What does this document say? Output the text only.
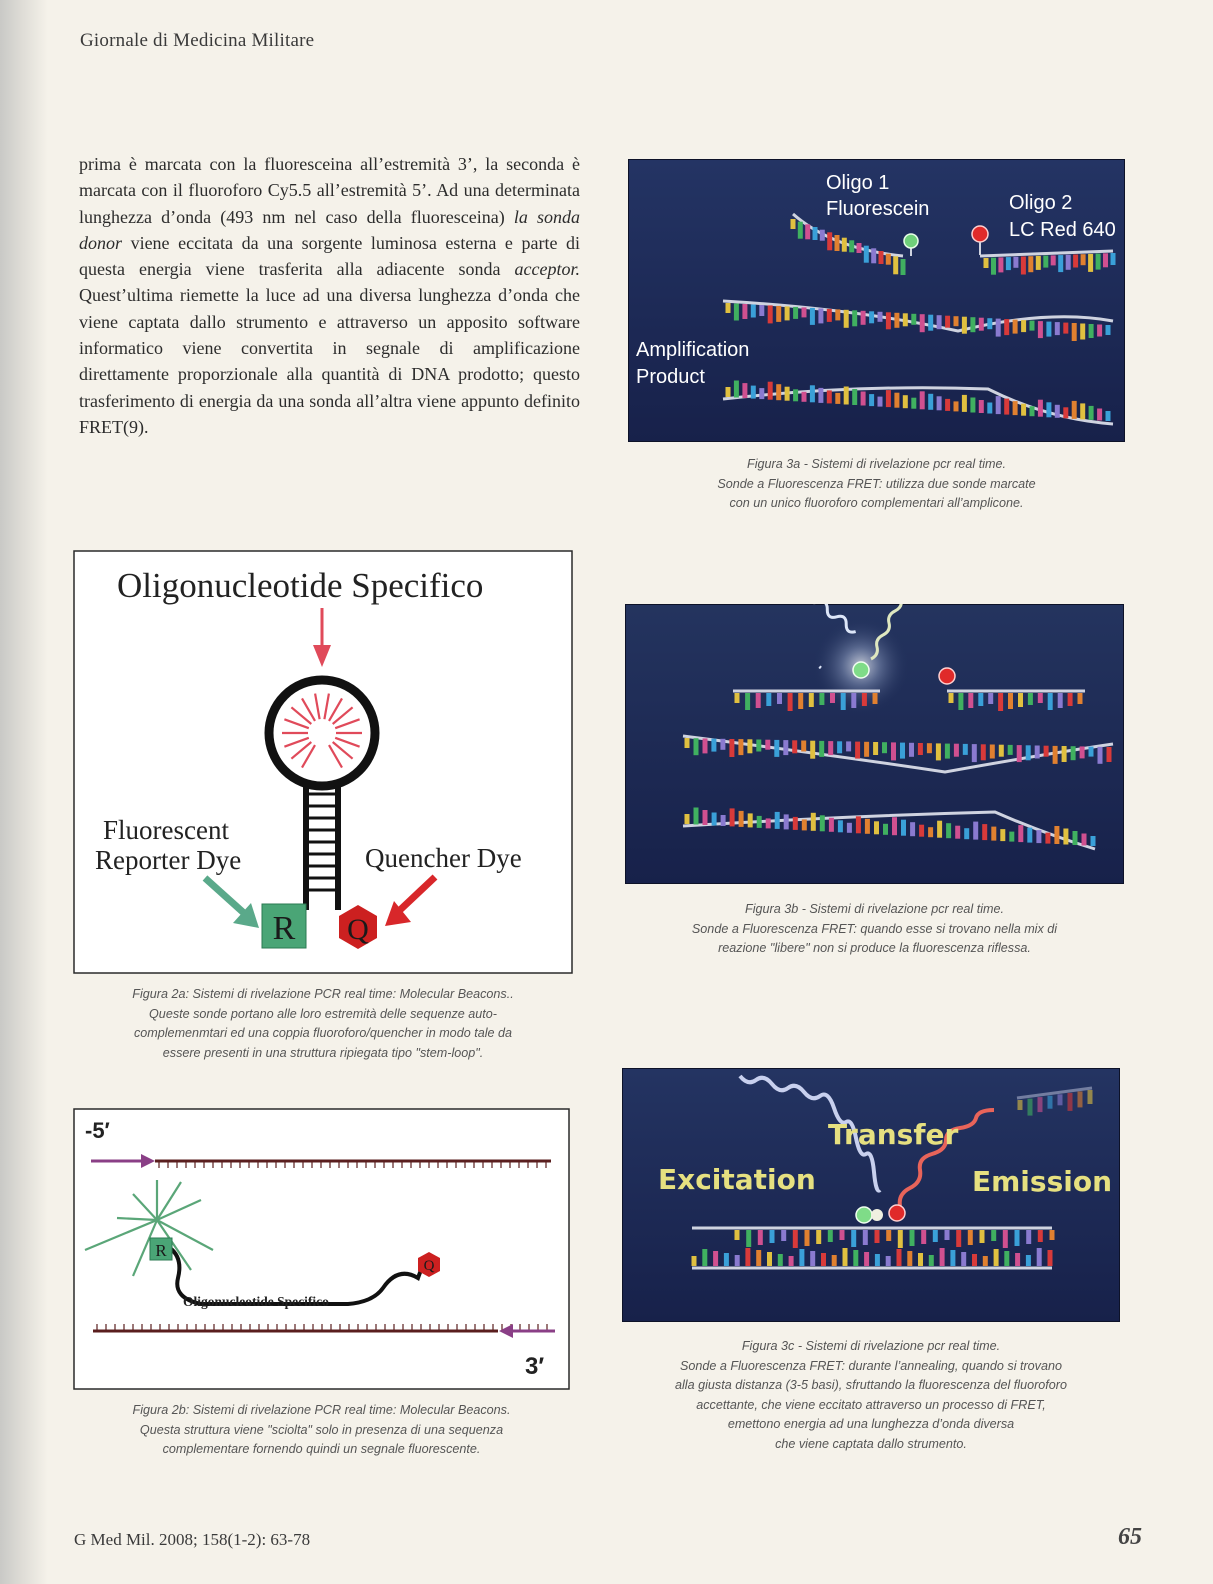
Giornale di Medicina Militare

prima è marcata con la fluoresceina all’estremità 3’, la seconda è marcata con il fluoroforo Cy5.5 all’estremità 5’. Ad una determinata lunghezza d’onda (493 nm nel caso della fluoresceina) la sonda donor viene eccitata da una sorgente luminosa esterna e parte di questa energia viene trasferita alla adiacente sonda acceptor. Quest’ultima riemette la luce ad una diversa lunghezza d’onda che viene captata dallo strumento e attraverso un apposito software informatico viene convertita in segnale di amplificazione direttamente proporzionale alla quantità di DNA prodotto; questo trasferimento di energia da una sonda all’altra viene appunto definito FRET(9).

Oligo 1
Fluorescein	Oligo 2
LC Red 640
Amplification
Product
Figura 3a - Sistemi di rivelazione pcr real time.
Sonde a Fluorescenza FRET: utilizza due sonde marcate
con un unico fluoroforo complementari all’amplicone.
Oligonucleotide Specifico
R Q
Fluorescent
Reporter Dye	Quencher Dye
Figura 2a: Sistemi di rivelazione PCR real time: Molecular Beacons..
Queste sonde portano alle loro estremità delle sequenze auto-
complemenmtari ed una coppia fluoroforo/quencher in modo tale da
essere presenti in una struttura ripiegata tipo "stem-loop".
Figura 3b - Sistemi di rivelazione pcr real time.
Sonde a Fluorescenza FRET: quando esse si trovano nella mix di
reazione "libere" non si produce la fluorescenza riflessa.
-5′
R
Q
Oligonucleotide Specifico
3′
Figura 2b: Sistemi di rivelazione PCR real time: Molecular Beacons.
Questa struttura viene "sciolta" solo in presenza di una sequenza
complementare fornendo quindi un segnale fluorescente.
Transfer
Excitation	Emission
Figura 3c - Sistemi di rivelazione pcr real time.
Sonde a Fluorescenza FRET: durante l’annealing, quando si trovano
alla giusta distanza (3-5 basi), sfruttando la fluorescenza del fluoroforo
accettante, che viene eccitato attraverso un processo di FRET,
emettono energia ad una lunghezza d’onda diversa
che viene captata dallo strumento.
G Med Mil. 2008; 158(1-2): 63-78	65
